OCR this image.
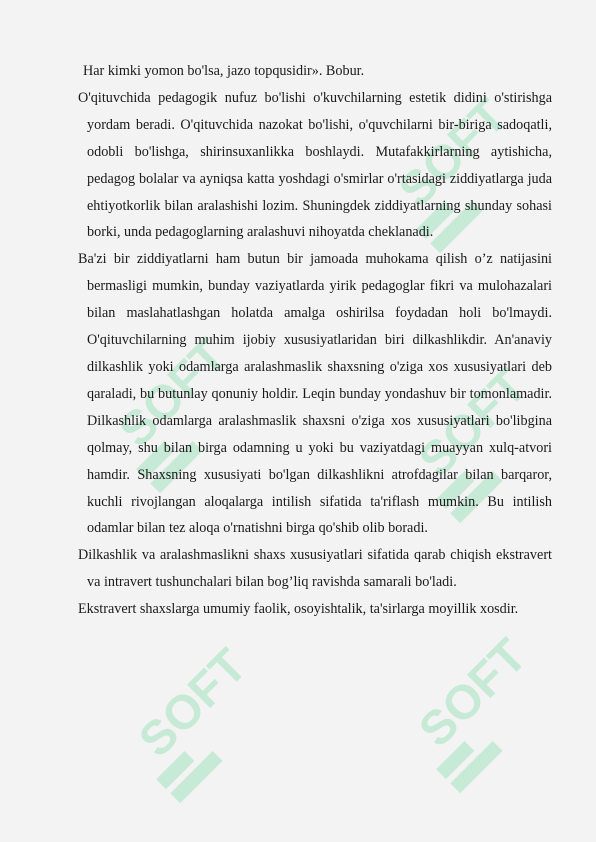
SOFT
SOFT	SOFT
SOFT	SOFT

Har kimki yomon bo'lsa, jazo topqusidir». Bobur.

O'qituvchida pedagogik nufuz bo'lishi o'kuvchilarning estetik didini o'stirishga yordam beradi. O'qituvchida nazokat bo'lishi, o'quvchilarni bir-biriga sadoqatli, odobli bo'lishga, shirinsuxanlikka boshlaydi. Mutafakkirlarning aytishicha, pedagog bolalar va ayniqsa katta yoshdagi o'smirlar o'rtasidagi ziddiyatlarga juda ehtiyotkorlik bilan aralashishi lozim. Shuningdek ziddiyatlarning shunday sohasi borki, unda pedagoglarning aralashuvi nihoyatda cheklanadi.

Ba'zi bir ziddiyatlarni ham butun bir jamoada muhokama qilish o’z natijasini bermasligi mumkin, bunday vaziyatlarda yirik pedagoglar fikri va mulohazalari bilan maslahatlashgan holatda amalga oshirilsa foydadan holi bo'lmaydi. O'qituvchilarning muhim ijobiy xususiyatlaridan biri dilkashlikdir. An'anaviy dilkashlik yoki odamlarga aralashmaslik shaxsning o'ziga xos xususiyatlari deb qaraladi, bu butunlay qonuniy holdir. Leqin bunday yondashuv bir tomonlamadir. Dilkashlik odamlarga aralashmaslik shaxsni o'ziga xos xususiyatlari bo'libgina qolmay, shu bilan birga odamning u yoki bu vaziyatdagi muayyan xulq-atvori hamdir. Shaxsning xususiyati bo'lgan dilkashlikni atrofdagilar bilan barqaror, kuchli rivojlangan aloqalarga intilish sifatida ta'riflash mumkin. Bu intilish odamlar bilan tez aloqa o'rnatishni birga qo'shib olib boradi.

Dilkashlik va aralashmaslikni shaxs xususiyatlari sifatida qarab chiqish ekstravert va intravert tushunchalari bilan bog’liq ravishda samarali bo'ladi.

Ekstravert shaxslarga umumiy faolik, osoyishtalik, ta'sirlarga moyillik xosdir.
